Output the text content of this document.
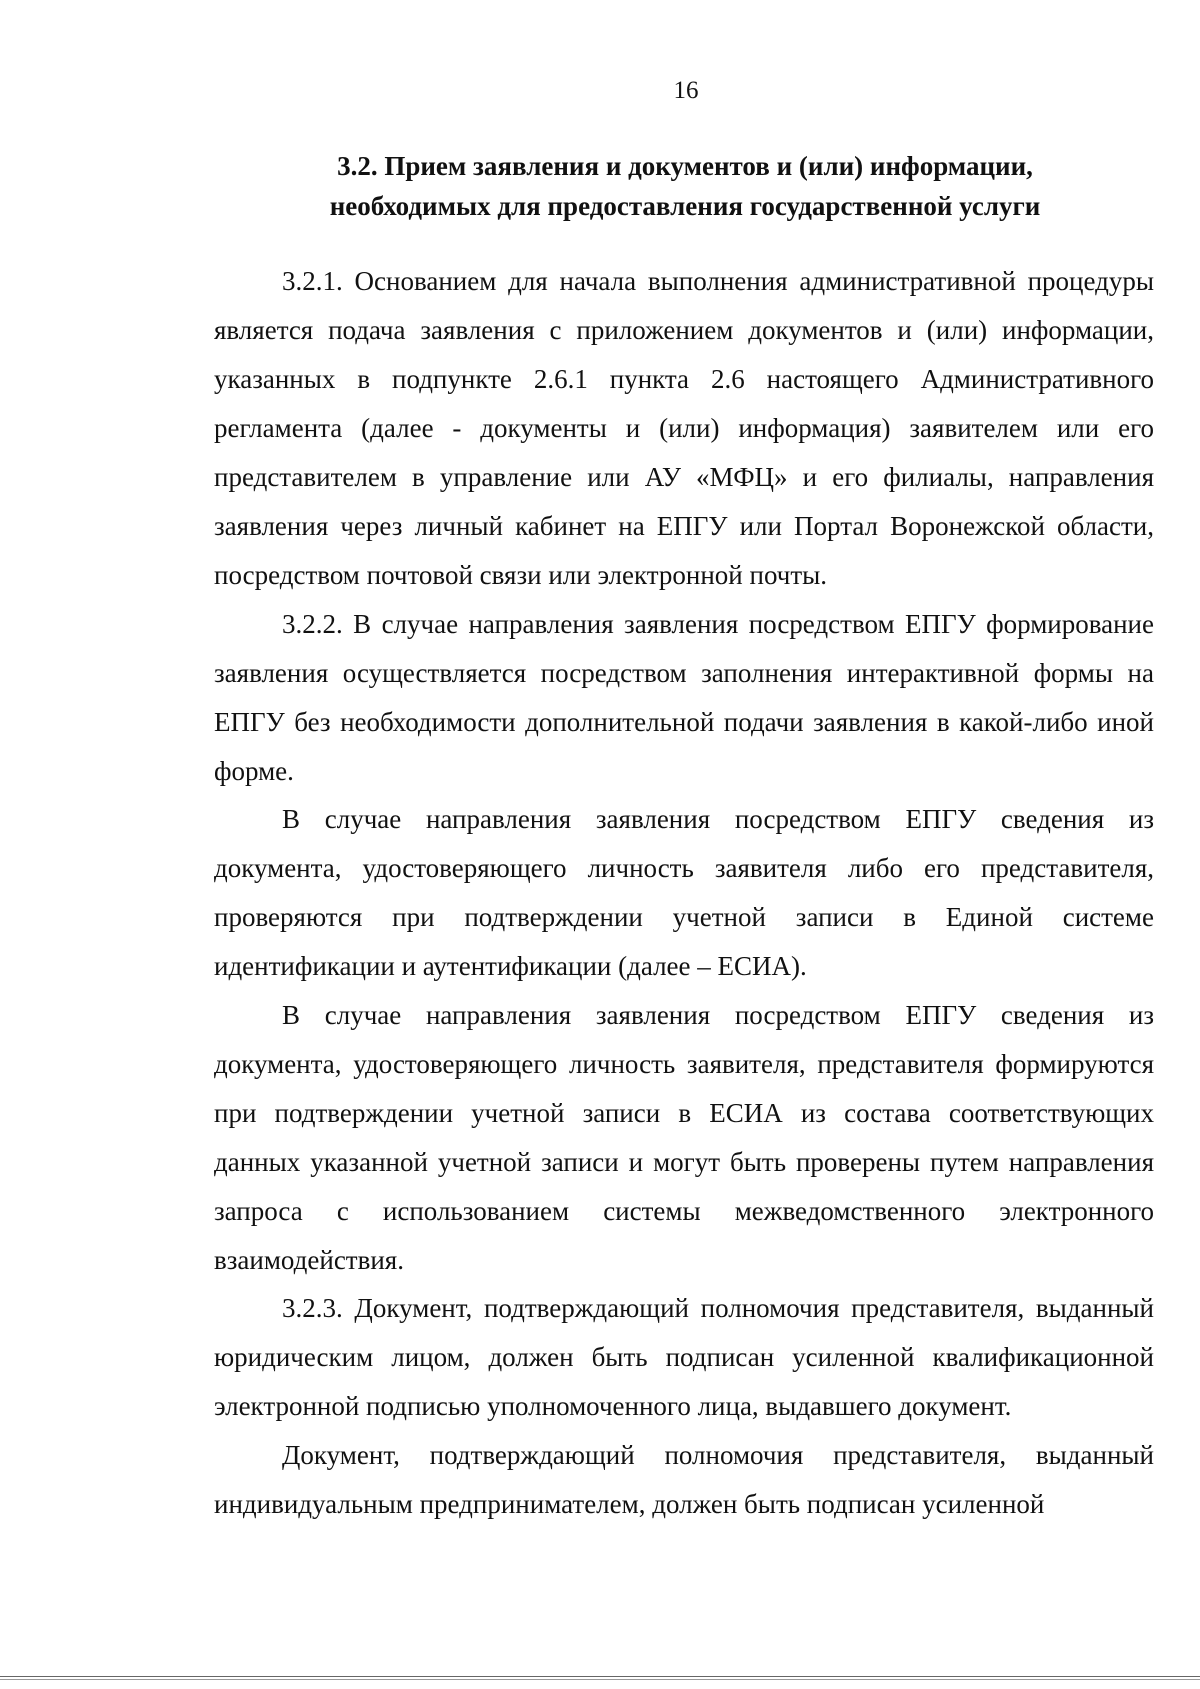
16
3.2. Прием заявления и документов и (или) информации,
необходимых для предоставления государственной услуги

3.2.1. Основанием для начала выполнения административной процедуры является подача заявления с приложением документов и (или) информации, указанных в подпункте 2.6.1 пункта 2.6 настоящего Административного регламента (далее - документы и (или) информация) заявителем или его представителем в управление или АУ «МФЦ» и его филиалы, направления заявления через личный кабинет на ЕПГУ или Портал Воронежской области, посредством почтовой связи или электронной почты.

3.2.2. В случае направления заявления посредством ЕПГУ формирование заявления осуществляется посредством заполнения интерактивной формы на ЕПГУ без необходимости дополнительной подачи заявления в какой-либо иной форме.

В случае направления заявления посредством ЕПГУ сведения из документа, удостоверяющего личность заявителя либо его представителя, проверяются при подтверждении учетной записи в Единой системе идентификации и аутентификации (далее – ЕСИА).

В случае направления заявления посредством ЕПГУ сведения из документа, удостоверяющего личность заявителя, представителя формируются при подтверждении учетной записи в ЕСИА из состава соответствующих данных указанной учетной записи и могут быть проверены путем направления запроса с использованием системы межведомственного электронного взаимодействия.

3.2.3. Документ, подтверждающий полномочия представителя, выданный юридическим лицом, должен быть подписан усиленной квалификационной электронной подписью уполномоченного лица, выдавшего документ.

Документ, подтверждающий полномочия представителя, выданный индивидуальным предпринимателем, должен быть подписан усиленной
